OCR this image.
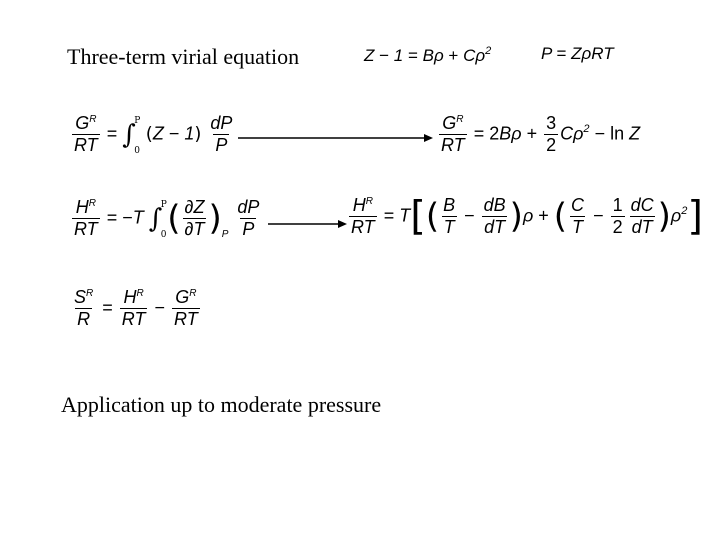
Three-term virial equation	$Z - 1 = B\rho + C\rho^2$	P = ZρRT
$\frac{G^R}{RT}$ = ∫
P
0
$(Z - 1) \frac{dP}{P}$	$\frac{G^R}{RT} = 2B\rho + \frac{3}{2} C\rho^2 - \ln Z$
$\frac{H^R}{RT} = -T$ ∫
P
0 ( $\frac{\partial Z}{\partial T} )_P \frac{dP}{P}$	$\frac{H^R}{RT} = T[( \frac{B}{T} - \frac{dB}{dT} )\rho$ + ( $\frac{C}{T} - \frac{1}{2} \frac{dC}{dT} )\rho^2$]
$\frac{S^R}{R} = \frac{H^R}{RT} - \frac{G^R}{RT}$
Application up to moderate pressure
